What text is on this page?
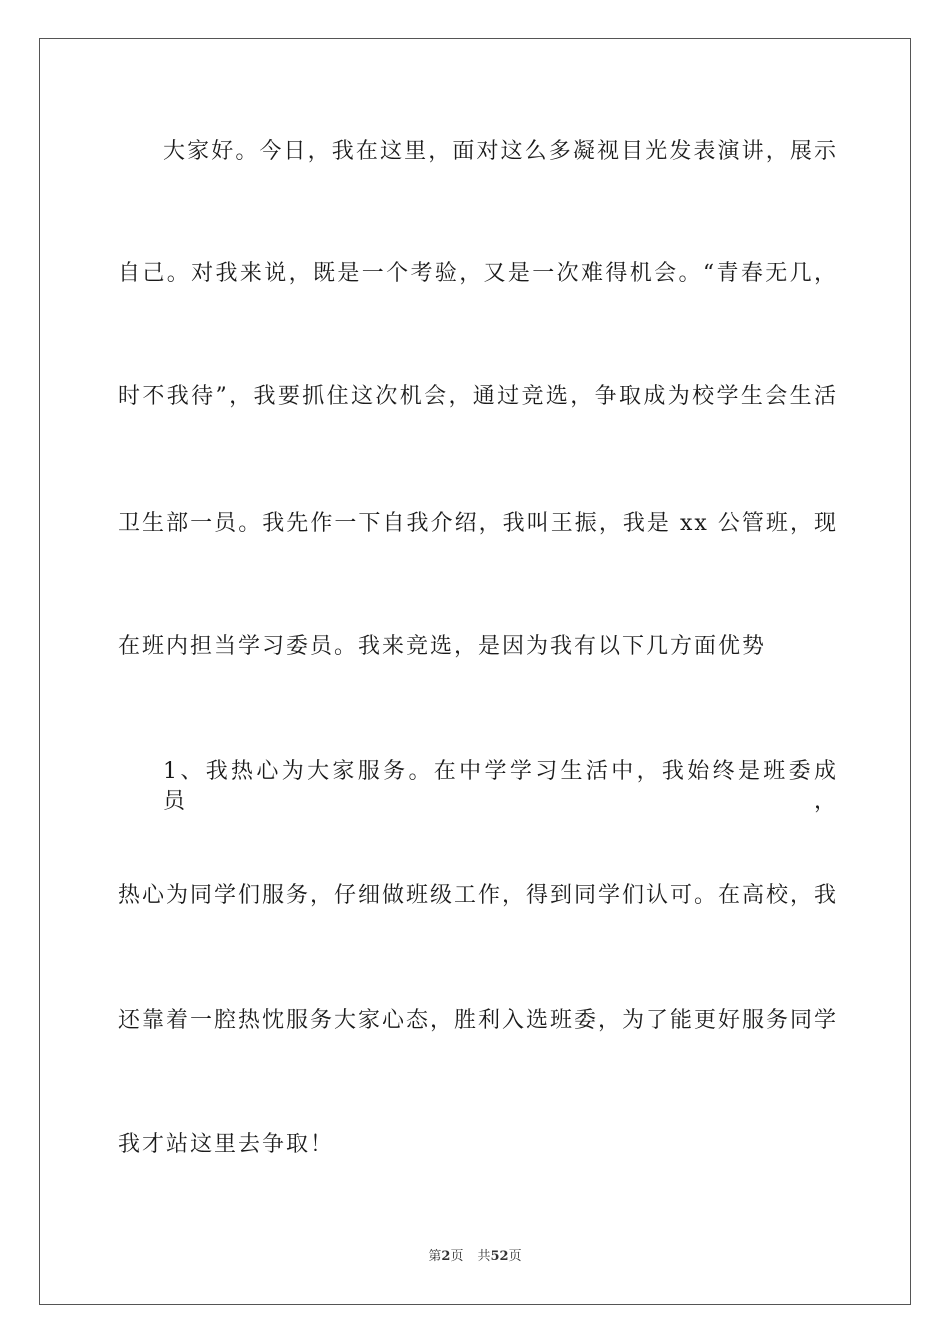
大家好。今日，我在这里，面对这么多凝视目光发表演讲，展示
自己。对我来说，既是一个考验，又是一次难得机会。“青春无几，
时不我待”，我要抓住这次机会，通过竞选，争取成为校学生会生活
卫生部一员。我先作一下自我介绍，我叫王振，我是 xx 公管班，现
在班内担当学习委员。我来竞选，是因为我有以下几方面优势
1、我热心为大家服务。在中学学习生活中，我始终是班委成员，
热心为同学们服务，仔细做班级工作，得到同学们认可。在高校，我
还靠着一腔热忱服务大家心态，胜利入选班委，为了能更好服务同学
我才站这里去争取！
第2页 共52页
